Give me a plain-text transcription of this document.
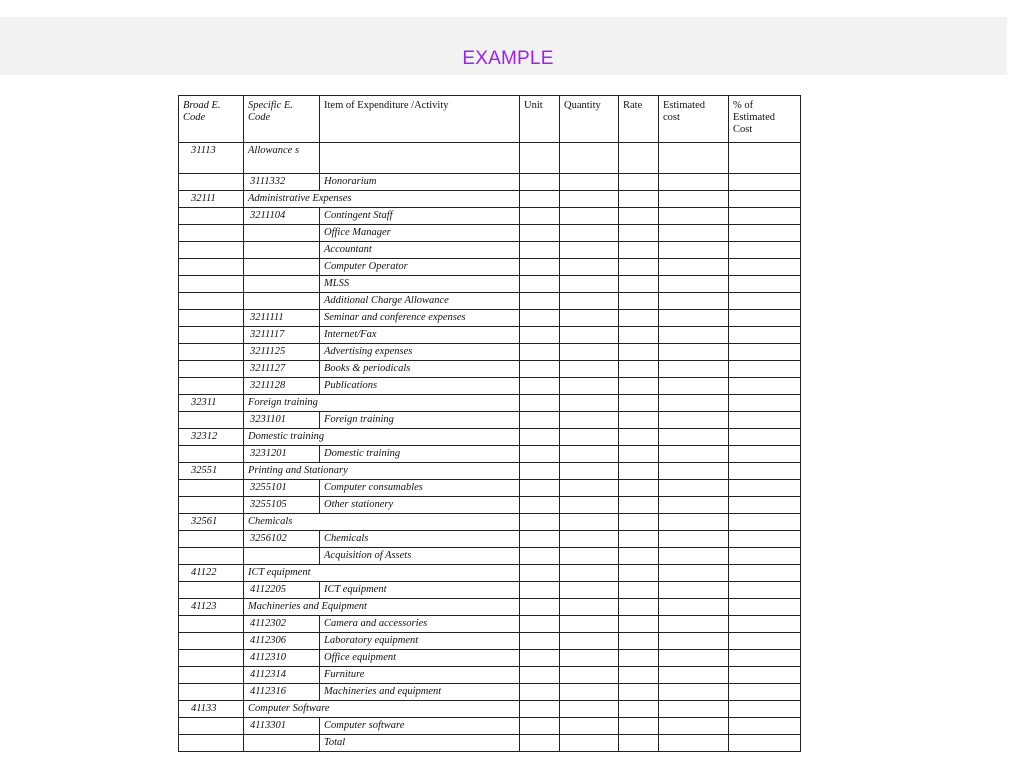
EXAMPLE
Broad E. Code	Specific E. Code	Item of Expenditure /Activity	Unit	Quantity	Rate	Estimated cost	% of Estimated Cost
31113	Allowance s						
	3111332	Honorarium					
32111	Administrative Expenses						
	3211104	Contingent Staff					
		Office Manager					
		Accountant					
		Computer Operator					
		MLSS					
		Additional Charge Allowance					
	3211111	Seminar and conference expenses					
	3211117	Internet/Fax					
	3211125	Advertising expenses					
	3211127	Books & periodicals					
	3211128	Publications					
32311	Foreign training						
	3231101	Foreign training					
32312	Domestic training						
	3231201	Domestic training					
32551	Printing and Stationary						
	3255101	Computer consumables					
	3255105	Other stationery					
32561	Chemicals						
	3256102	Chemicals					
		Acquisition of Assets					
41122	ICT equipment						
	4112205	ICT equipment					
41123	Machineries and Equipment						
	4112302	Camera and accessories					
	4112306	Laboratory equipment					
	4112310	Office equipment					
	4112314	Furniture					
	4112316	Machineries and equipment					
41133	Computer Software						
	4113301	Computer software					
		Total					
